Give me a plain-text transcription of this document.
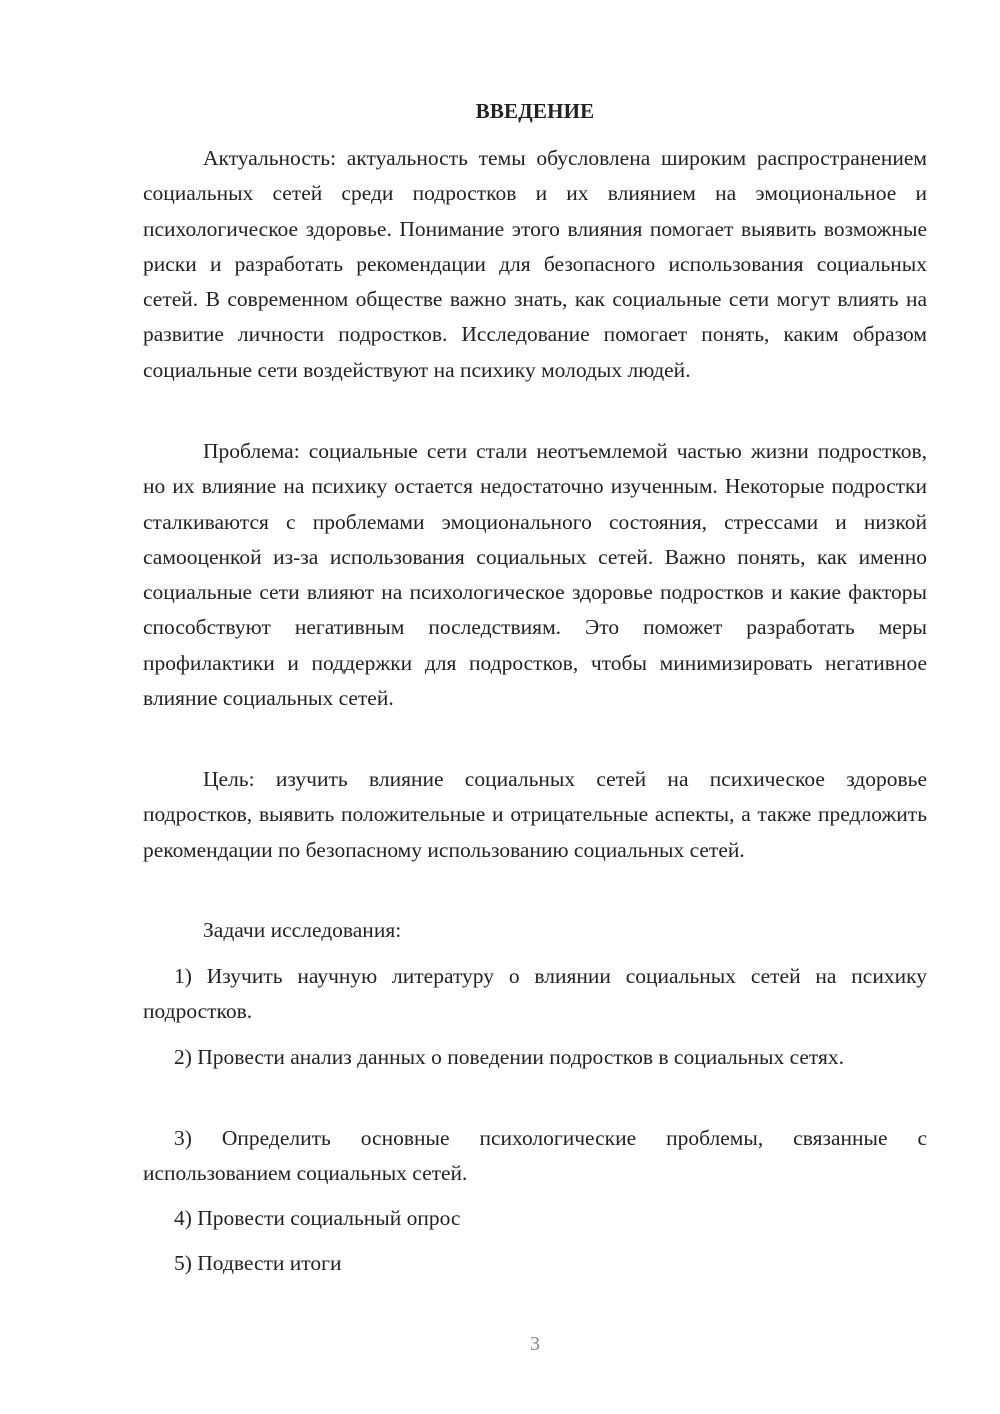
ВВЕДЕНИЕ

Актуальность: актуальность темы обусловлена широким распространением социальных сетей среди подростков и их влиянием на эмоциональное и психологическое здоровье. Понимание этого влияния помогает выявить возможные риски и разработать рекомендации для безопасного использования социальных сетей. В современном обществе важно знать, как социальные сети могут влиять на развитие личности подростков. Исследование помогает понять, каким образом социальные сети воздействуют на психику молодых людей.

Проблема: социальные сети стали неотъемлемой частью жизни подростков, но их влияние на психику остается недостаточно изученным. Некоторые подростки сталкиваются с проблемами эмоционального состояния, стрессами и низкой самооценкой из-за использования социальных сетей. Важно понять, как именно социальные сети влияют на психологическое здоровье подростков и какие факторы способствуют негативным последствиям. Это поможет разработать меры профилактики и поддержки для подростков, чтобы минимизировать негативное влияние социальных сетей.

Цель: изучить влияние социальных сетей на психическое здоровье подростков, выявить положительные и отрицательные аспекты, а также предложить рекомендации по безопасному использованию социальных сетей.

Задачи исследования:

1) Изучить научную литературу о влиянии социальных сетей на психику подростков.

2) Провести анализ данных о поведении подростков в социальных сетях.

3) Определить основные психологические проблемы, связанные с использованием социальных сетей.

4) Провести социальный опрос

5) Подвести итоги

3
